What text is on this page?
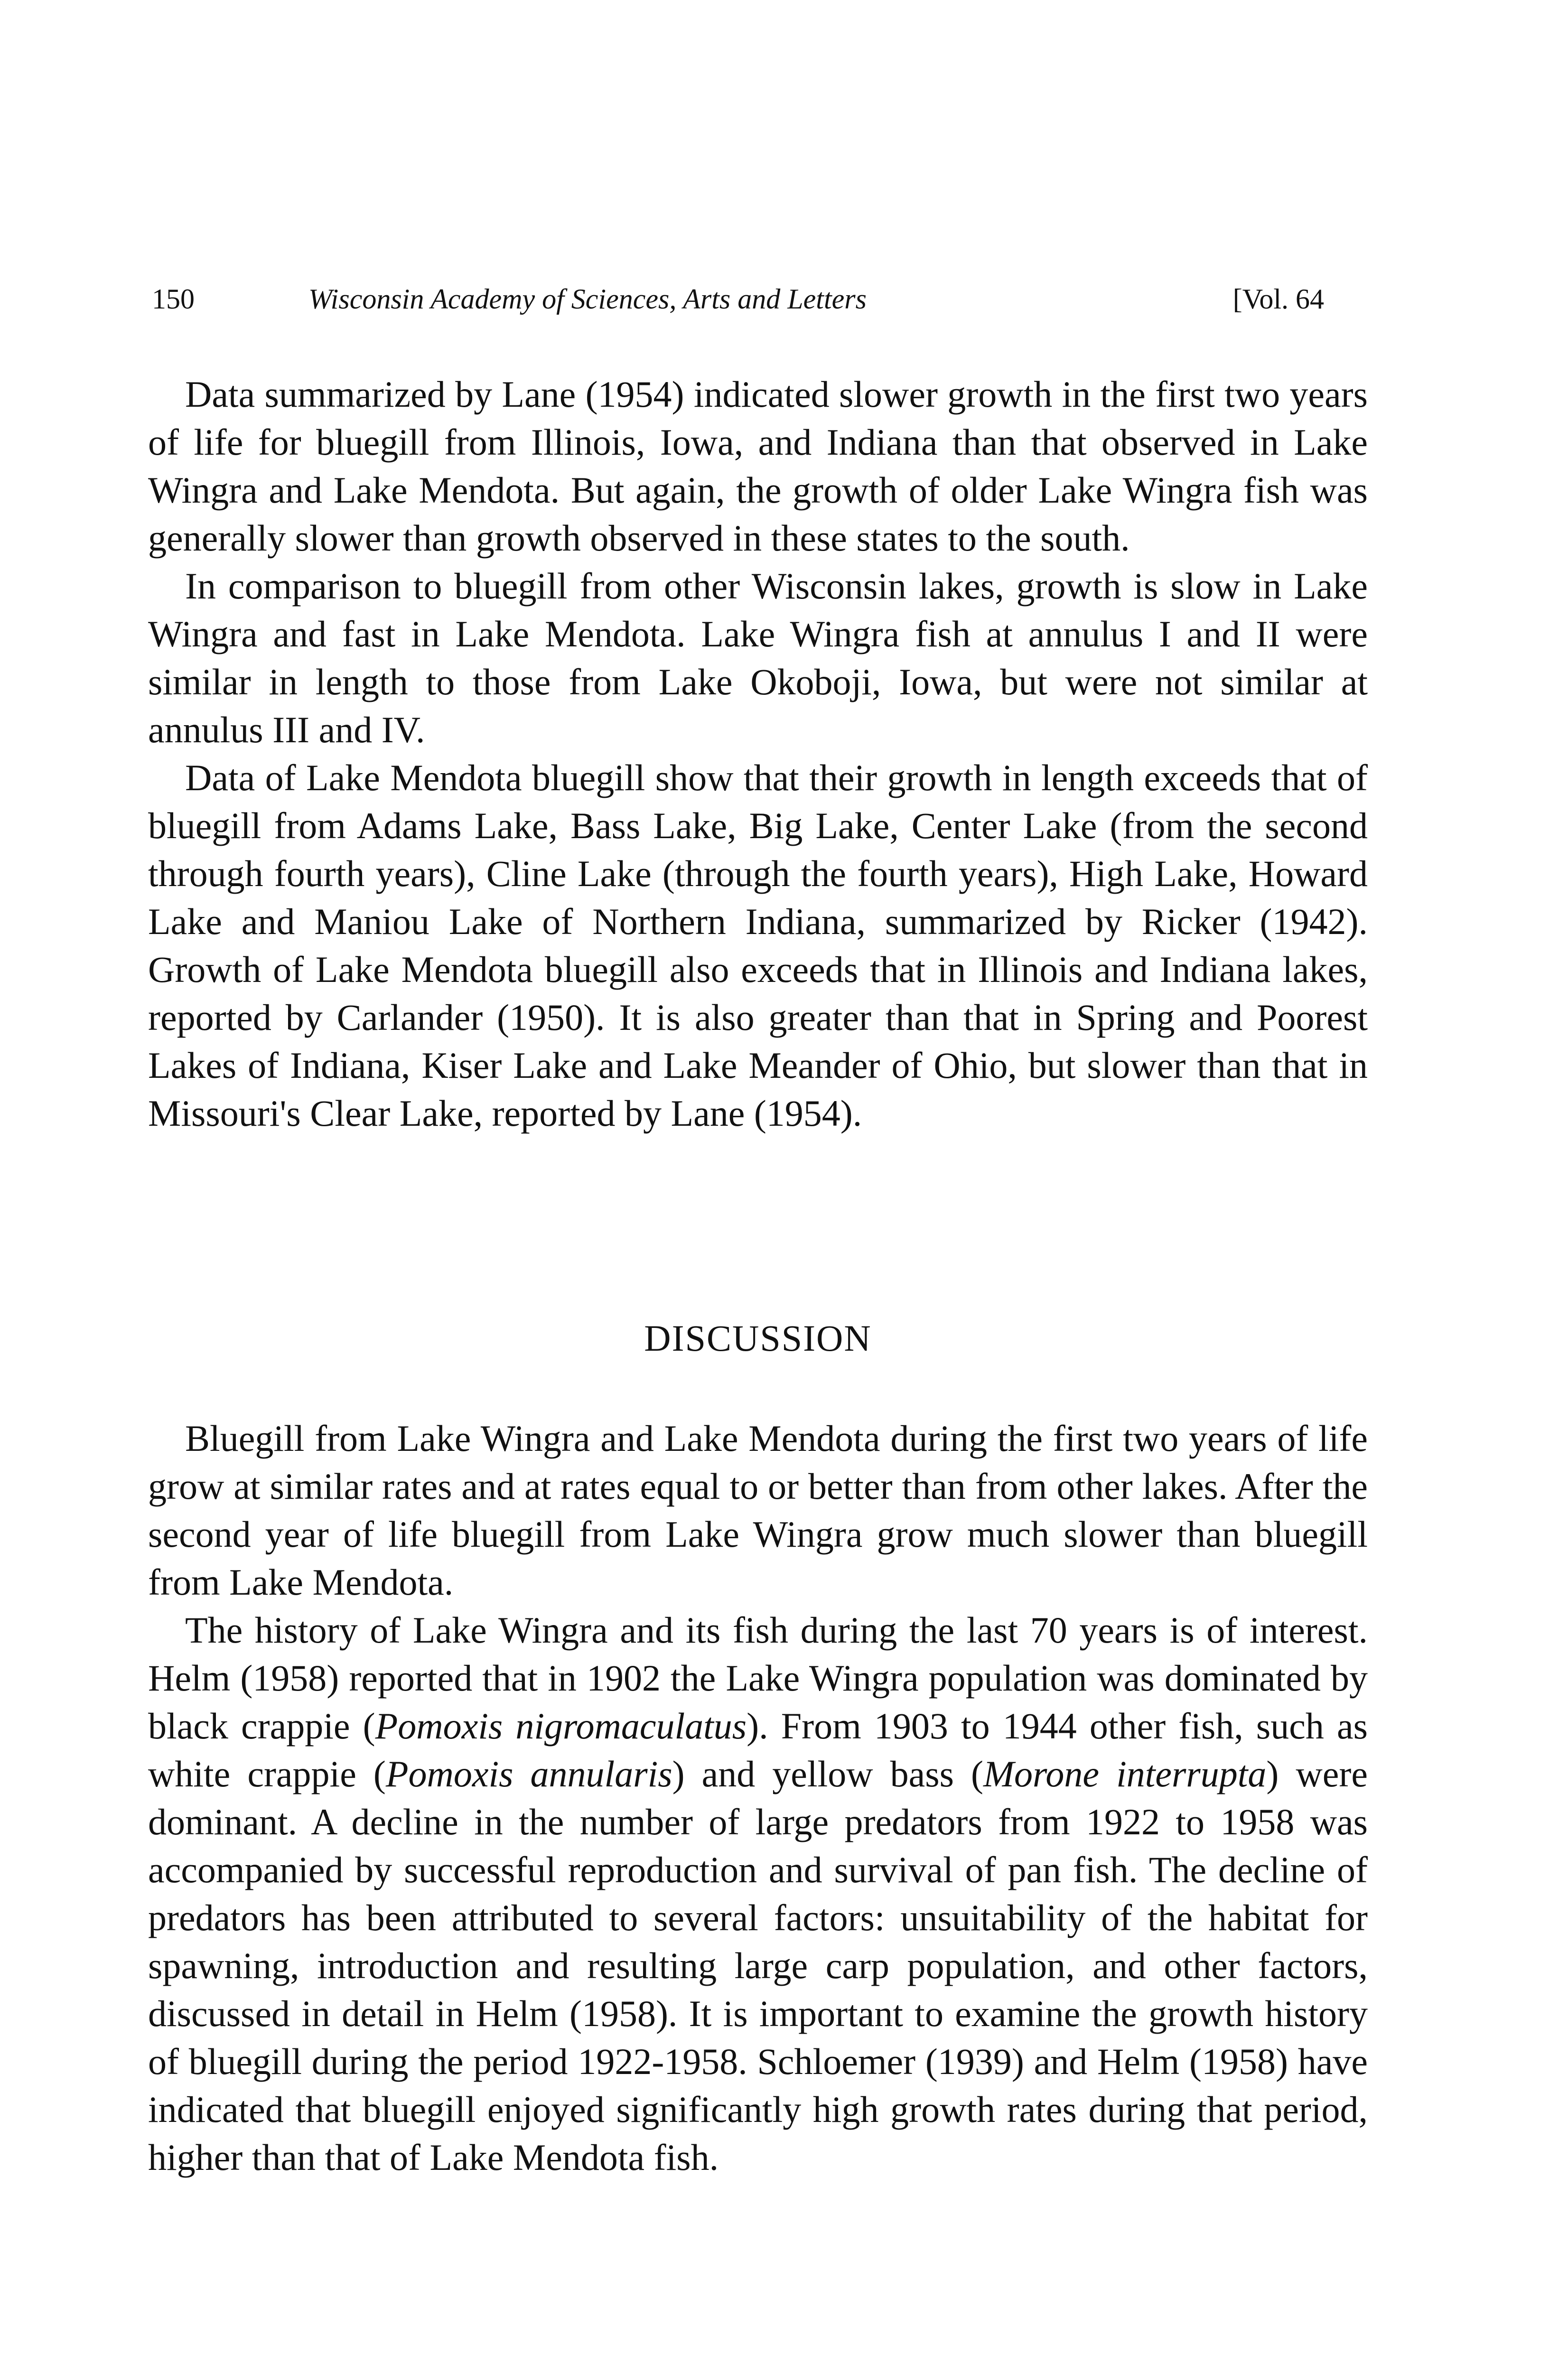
150	Wisconsin Academy of Sciences, Arts and Letters	[Vol. 64

Data summarized by Lane (1954) indicated slower growth in the first two years of life for bluegill from Illinois, Iowa, and Indiana than that observed in Lake Wingra and Lake Mendota. But again, the growth of older Lake Wingra fish was generally slower than growth observed in these states to the south.

In comparison to bluegill from other Wisconsin lakes, growth is slow in Lake Wingra and fast in Lake Mendota. Lake Wingra fish at annulus I and II were similar in length to those from Lake Okoboji, Iowa, but were not similar at annulus III and IV.

Data of Lake Mendota bluegill show that their growth in length exceeds that of bluegill from Adams Lake, Bass Lake, Big Lake, Center Lake (from the second through fourth years), Cline Lake (through the fourth years), High Lake, Howard Lake and Maniou Lake of Northern Indiana, summarized by Ricker (1942). Growth of Lake Mendota bluegill also exceeds that in Illinois and Indiana lakes, reported by Carlander (1950). It is also greater than that in Spring and Poorest Lakes of Indiana, Kiser Lake and Lake Meander of Ohio, but slower than that in Missouri's Clear Lake, reported by Lane (1954).

DISCUSSION

Bluegill from Lake Wingra and Lake Mendota during the first two years of life grow at similar rates and at rates equal to or better than from other lakes. After the second year of life bluegill from Lake Wingra grow much slower than bluegill from Lake Mendota.

The history of Lake Wingra and its fish during the last 70 years is of interest. Helm (1958) reported that in 1902 the Lake Wingra population was dominated by black crappie (Pomoxis nigromaculatus). From 1903 to 1944 other fish, such as white crappie (Pomoxis annularis) and yellow bass (Morone interrupta) were dominant. A decline in the number of large predators from 1922 to 1958 was accompanied by successful reproduction and survival of pan fish. The decline of predators has been attributed to several factors: unsuitability of the habitat for spawning, introduction and resulting large carp population, and other factors, discussed in detail in Helm (1958). It is important to examine the growth history of bluegill during the period 1922-1958. Schloemer (1939) and Helm (1958) have indicated that bluegill enjoyed significantly high growth rates during that period, higher than that of Lake Mendota fish.
